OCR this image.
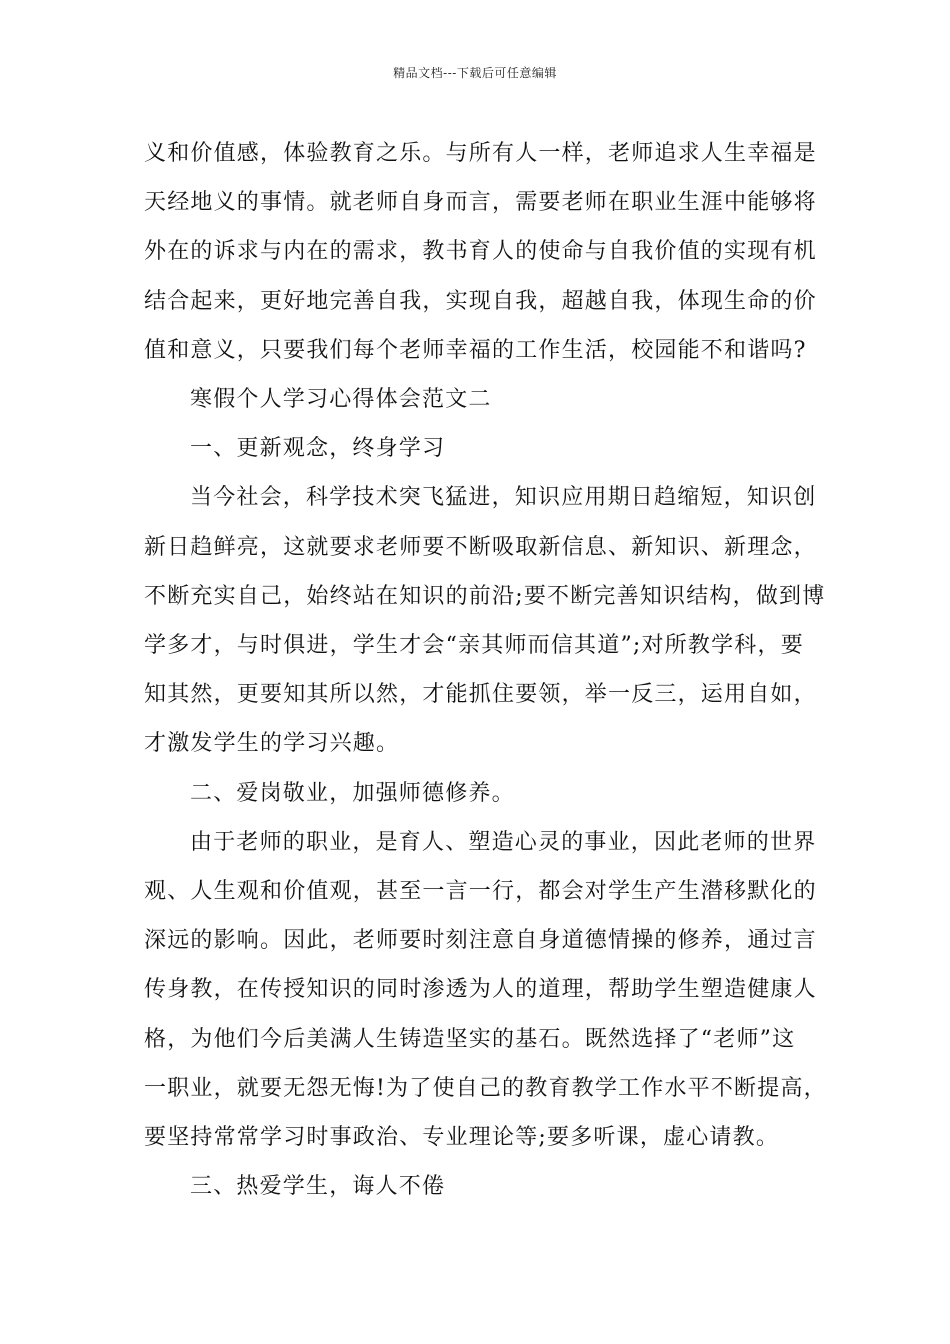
精品文档---下载后可任意编辑
义和价值感，体验教育之乐。与所有人一样，老师追求人生幸福是
天经地义的事情。就老师自身而言，需要老师在职业生涯中能够将
外在的诉求与内在的需求，教书育人的使命与自我价值的实现有机
结合起来，更好地完善自我，实现自我，超越自我，体现生命的价
值和意义，只要我们每个老师幸福的工作生活，校园能不和谐吗?
寒假个人学习心得体会范文二
一、更新观念，终身学习
当今社会，科学技术突飞猛进，知识应用期日趋缩短，知识创
新日趋鲜亮，这就要求老师要不断吸取新信息、新知识、新理念，
不断充实自己，始终站在知识的前沿;要不断完善知识结构，做到博
学多才，与时俱进，学生才会“亲其师而信其道”;对所教学科，要
知其然，更要知其所以然，才能抓住要领，举一反三，运用自如，
才激发学生的学习兴趣。
二、爱岗敬业，加强师德修养。
由于老师的职业，是育人、塑造心灵的事业，因此老师的世界
观、人生观和价值观，甚至一言一行，都会对学生产生潜移默化的
深远的影响。因此，老师要时刻注意自身道德情操的修养，通过言
传身教，在传授知识的同时渗透为人的道理，帮助学生塑造健康人
格，为他们今后美满人生铸造坚实的基石。既然选择了“老师”这
一职业，就要无怨无悔!为了使自己的教育教学工作水平不断提高，
要坚持常常学习时事政治、专业理论等;要多听课，虚心请教。
三、热爱学生，诲人不倦
